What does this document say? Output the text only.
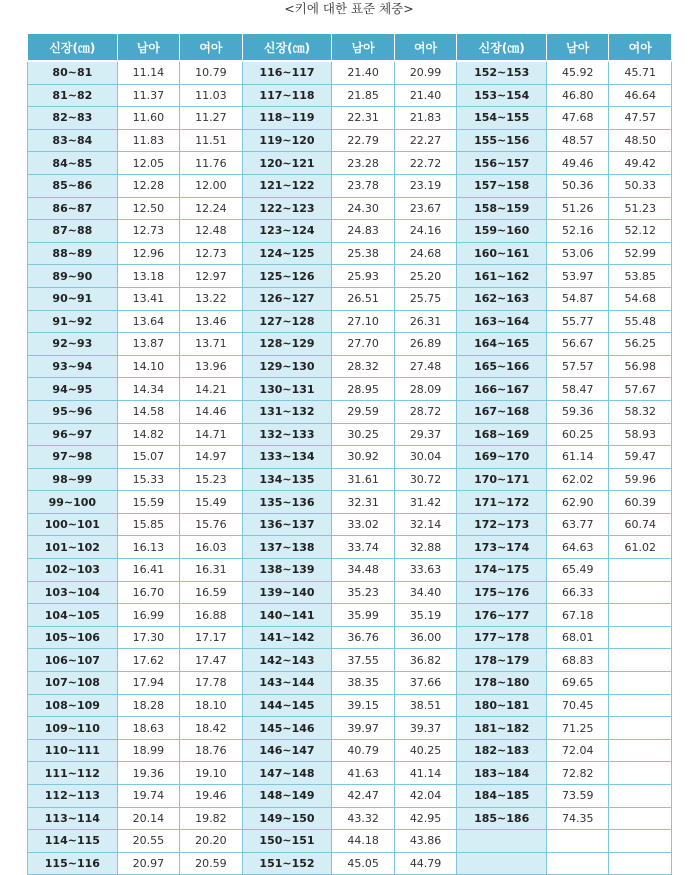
<키에 대한 표준 체중>
신장(㎝)	남아	여아	신장(㎝)	남아	여아	신장(㎝)	남아	여아
80~81	11.14	10.79	116~117	21.40	20.99	152~153	45.92	45.71
81~82	11.37	11.03	117~118	21.85	21.40	153~154	46.80	46.64
82~83	11.60	11.27	118~119	22.31	21.83	154~155	47.68	47.57
83~84	11.83	11.51	119~120	22.79	22.27	155~156	48.57	48.50
84~85	12.05	11.76	120~121	23.28	22.72	156~157	49.46	49.42
85~86	12.28	12.00	121~122	23.78	23.19	157~158	50.36	50.33
86~87	12.50	12.24	122~123	24.30	23.67	158~159	51.26	51.23
87~88	12.73	12.48	123~124	24.83	24.16	159~160	52.16	52.12
88~89	12.96	12.73	124~125	25.38	24.68	160~161	53.06	52.99
89~90	13.18	12.97	125~126	25.93	25.20	161~162	53.97	53.85
90~91	13.41	13.22	126~127	26.51	25.75	162~163	54.87	54.68
91~92	13.64	13.46	127~128	27.10	26.31	163~164	55.77	55.48
92~93	13.87	13.71	128~129	27.70	26.89	164~165	56.67	56.25
93~94	14.10	13.96	129~130	28.32	27.48	165~166	57.57	56.98
94~95	14.34	14.21	130~131	28.95	28.09	166~167	58.47	57.67
95~96	14.58	14.46	131~132	29.59	28.72	167~168	59.36	58.32
96~97	14.82	14.71	132~133	30.25	29.37	168~169	60.25	58.93
97~98	15.07	14.97	133~134	30.92	30.04	169~170	61.14	59.47
98~99	15.33	15.23	134~135	31.61	30.72	170~171	62.02	59.96
99~100	15.59	15.49	135~136	32.31	31.42	171~172	62.90	60.39
100~101	15.85	15.76	136~137	33.02	32.14	172~173	63.77	60.74
101~102	16.13	16.03	137~138	33.74	32.88	173~174	64.63	61.02
102~103	16.41	16.31	138~139	34.48	33.63	174~175	65.49	
103~104	16.70	16.59	139~140	35.23	34.40	175~176	66.33	
104~105	16.99	16.88	140~141	35.99	35.19	176~177	67.18	
105~106	17.30	17.17	141~142	36.76	36.00	177~178	68.01	
106~107	17.62	17.47	142~143	37.55	36.82	178~179	68.83	
107~108	17.94	17.78	143~144	38.35	37.66	178~180	69.65	
108~109	18.28	18.10	144~145	39.15	38.51	180~181	70.45	
109~110	18.63	18.42	145~146	39.97	39.37	181~182	71.25	
110~111	18.99	18.76	146~147	40.79	40.25	182~183	72.04	
111~112	19.36	19.10	147~148	41.63	41.14	183~184	72.82	
112~113	19.74	19.46	148~149	42.47	42.04	184~185	73.59	
113~114	20.14	19.82	149~150	43.32	42.95	185~186	74.35	
114~115	20.55	20.20	150~151	44.18	43.86			
115~116	20.97	20.59	151~152	45.05	44.79			
